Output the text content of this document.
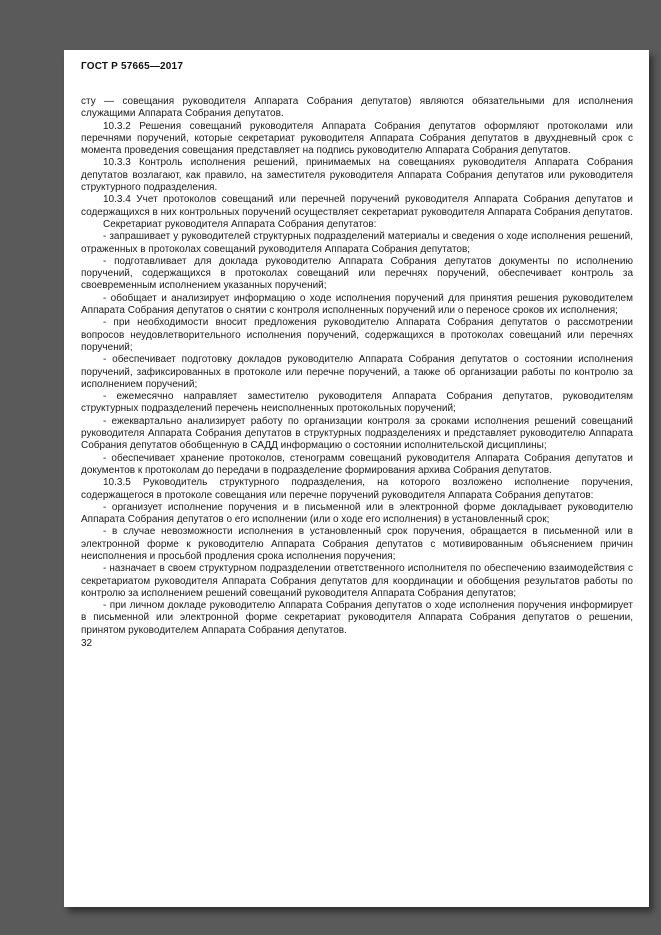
ГОСТ Р 57665—2017

сту — совещания руководителя Аппарата Собрания депутатов) являются обязательными для исполнения служащими Аппарата Собрания депутатов.

10.3.2 Решения совещаний руководителя Аппарата Собрания депутатов оформляют протоколами или перечнями поручений, которые секретариат руководителя Аппарата Собрания депутатов в двухдневный срок с момента проведения совещания представляет на подпись руководителю Аппарата Собрания депутатов.

10.3.3 Контроль исполнения решений, принимаемых на совещаниях руководителя Аппарата Собрания депутатов возлагают, как правило, на заместителя руководителя Аппарата Собрания депутатов или руководителя структурного подразделения.

10.3.4 Учет протоколов совещаний или перечней поручений руководителя Аппарата Собрания депутатов и содержащихся в них контрольных поручений осуществляет секретариат руководителя Аппарата Собрания депутатов.

Секретариат руководителя Аппарата Собрания депутатов:

- запрашивает у руководителей структурных подразделений материалы и сведения о ходе исполнения решений, отраженных в протоколах совещаний руководителя Аппарата Собрания депутатов;

- подготавливает для доклада руководителю Аппарата Собрания депутатов документы по исполнению поручений, содержащихся в протоколах совещаний или перечнях поручений, обеспечивает контроль за своевременным исполнением указанных поручений;

- обобщает и анализирует информацию о ходе исполнения поручений для принятия решения руководителем Аппарата Собрания депутатов о снятии с контроля исполненных поручений или о переносе сроков их исполнения;

- при необходимости вносит предложения руководителю Аппарата Собрания депутатов о рассмотрении вопросов неудовлетворительного исполнения поручений, содержащихся в протоколах совещаний или перечнях поручений;

- обеспечивает подготовку докладов руководителю Аппарата Собрания депутатов о состоянии исполнения поручений, зафиксированных в протоколе или перечне поручений, а также об организации работы по контролю за исполнением поручений;

- ежемесячно направляет заместителю руководителя Аппарата Собрания депутатов, руководителям структурных подразделений перечень неисполненных протокольных поручений;

- ежеквартально анализирует работу по организации контроля за сроками исполнения решений совещаний руководителя Аппарата Собрания депутатов в структурных подразделениях и представляет руководителю Аппарата Собрания депутатов обобщенную в САДД информацию о состоянии исполнительской дисциплины;

- обеспечивает хранение протоколов, стенограмм совещаний руководителя Аппарата Собрания депутатов и документов к протоколам до передачи в подразделение формирования архива Собрания депутатов.

10.3.5 Руководитель структурного подразделения, на которого возложено исполнение поручения, содержащегося в протоколе совещания или перечне поручений руководителя Аппарата Собрания депутатов:

- организует исполнение поручения и в письменной или в электронной форме докладывает руководителю Аппарата Собрания депутатов о его исполнении (или о ходе его исполнения) в установленный срок;

- в случае невозможности исполнения в установленный срок поручения, обращается в письменной или в электронной форме к руководителю Аппарата Собрания депутатов с мотивированным объяснением причин неисполнения и просьбой продления срока исполнения поручения;

- назначает в своем структурном подразделении ответственного исполнителя по обеспечению взаимодействия с секретариатом руководителя Аппарата Собрания депутатов для координации и обобщения результатов работы по контролю за исполнением решений совещаний руководителя Аппарата Собрания депутатов;

- при личном докладе руководителю Аппарата Собрания депутатов о ходе исполнения поручения информирует в письменной или электронной форме секретариат руководителя Аппарата Собрания депутатов о решении, принятом руководителем Аппарата Собрания депутатов.

32
